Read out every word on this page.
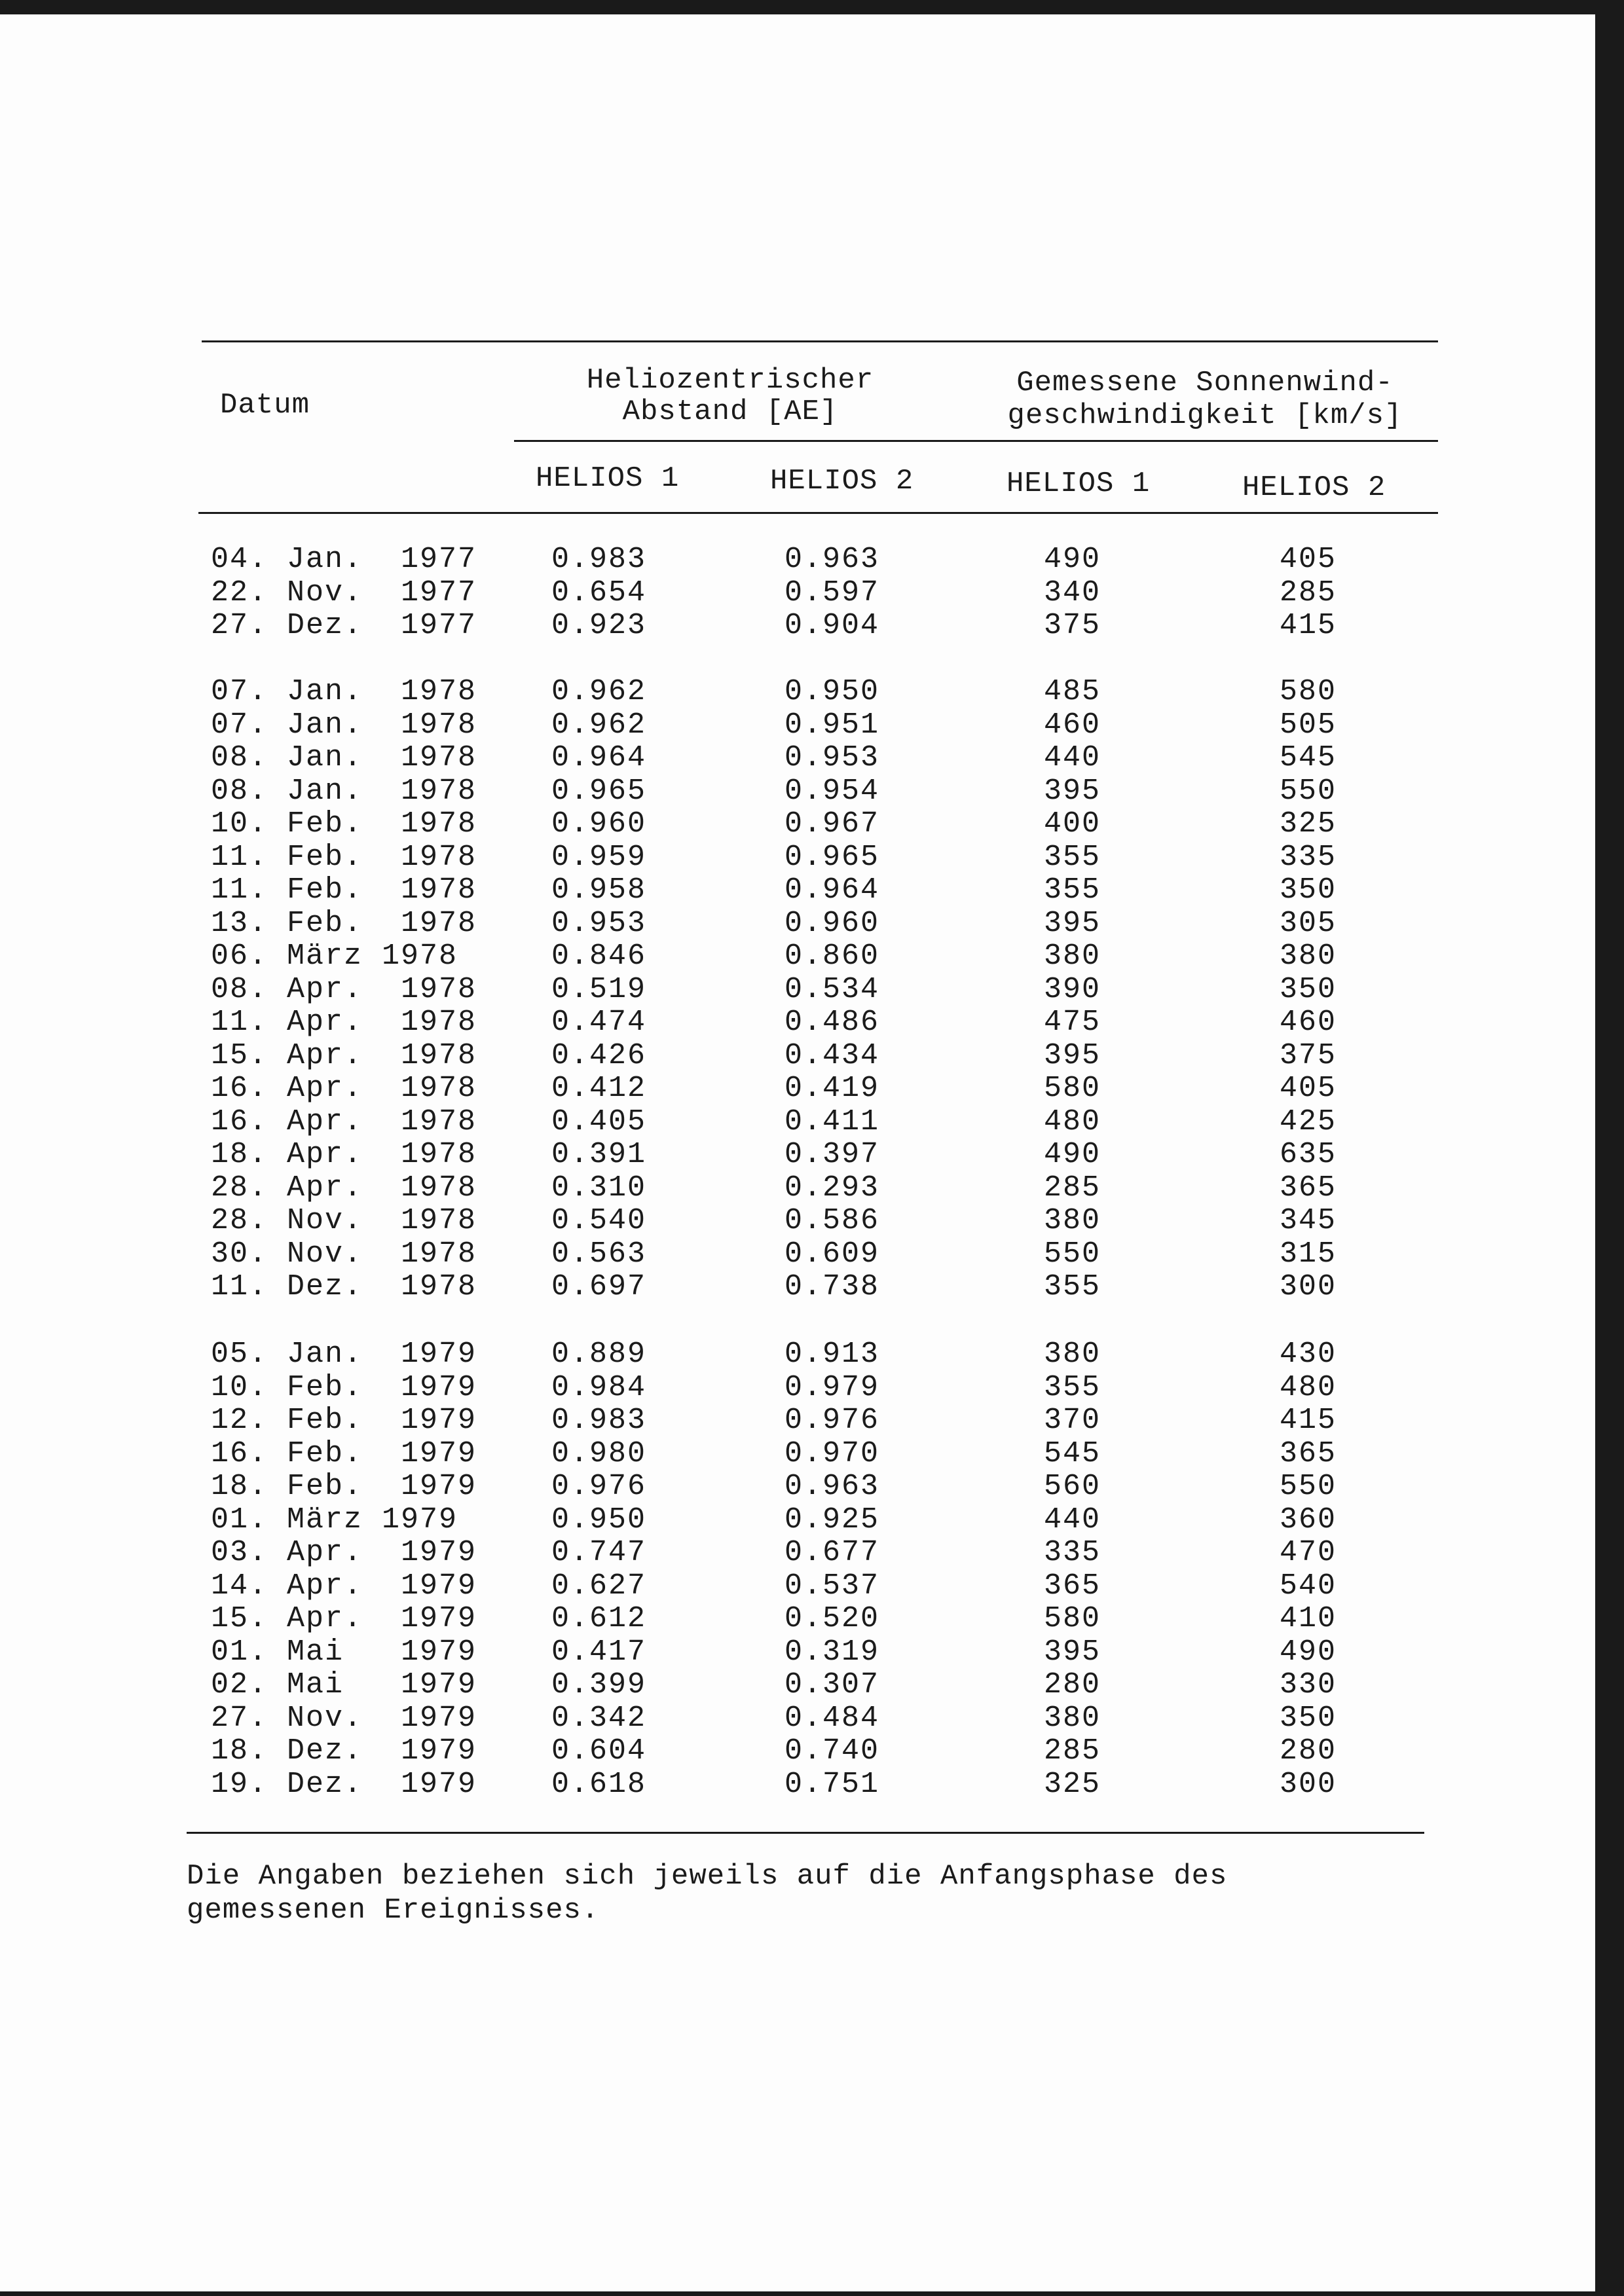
Datum
Heliozentrischer
Abstand [AE]
Gemessene Sonnenwind-
geschwindigkeit [km/s]
HELIOS 1	HELIOS 2	HELIOS 1	HELIOS 2
04. Jan.  1977	0.983	0.963	490	405
22. Nov.  1977	0.654	0.597	340	285
27. Dez.  1977	0.923	0.904	375	415
07. Jan.  1978	0.962	0.950	485	580
07. Jan.  1978	0.962	0.951	460	505
08. Jan.  1978	0.964	0.953	440	545
08. Jan.  1978	0.965	0.954	395	550
10. Feb.  1978	0.960	0.967	400	325
11. Feb.  1978	0.959	0.965	355	335
11. Feb.  1978	0.958	0.964	355	350
13. Feb.  1978	0.953	0.960	395	305
06. März 1978	0.846	0.860	380	380
08. Apr.  1978	0.519	0.534	390	350
11. Apr.  1978	0.474	0.486	475	460
15. Apr.  1978	0.426	0.434	395	375
16. Apr.  1978	0.412	0.419	580	405
16. Apr.  1978	0.405	0.411	480	425
18. Apr.  1978	0.391	0.397	490	635
28. Apr.  1978	0.310	0.293	285	365
28. Nov.  1978	0.540	0.586	380	345
30. Nov.  1978	0.563	0.609	550	315
11. Dez.  1978	0.697	0.738	355	300
05. Jan.  1979	0.889	0.913	380	430
10. Feb.  1979	0.984	0.979	355	480
12. Feb.  1979	0.983	0.976	370	415
16. Feb.  1979	0.980	0.970	545	365
18. Feb.  1979	0.976	0.963	560	550
01. März 1979	0.950	0.925	440	360
03. Apr.  1979	0.747	0.677	335	470
14. Apr.  1979	0.627	0.537	365	540
15. Apr.  1979	0.612	0.520	580	410
01. Mai   1979	0.417	0.319	395	490
02. Mai   1979	0.399	0.307	280	330
27. Nov.  1979	0.342	0.484	380	350
18. Dez.  1979	0.604	0.740	285	280
19. Dez.  1979	0.618	0.751	325	300
Die Angaben beziehen sich jeweils auf die Anfangsphase des
gemessenen Ereignisses.
